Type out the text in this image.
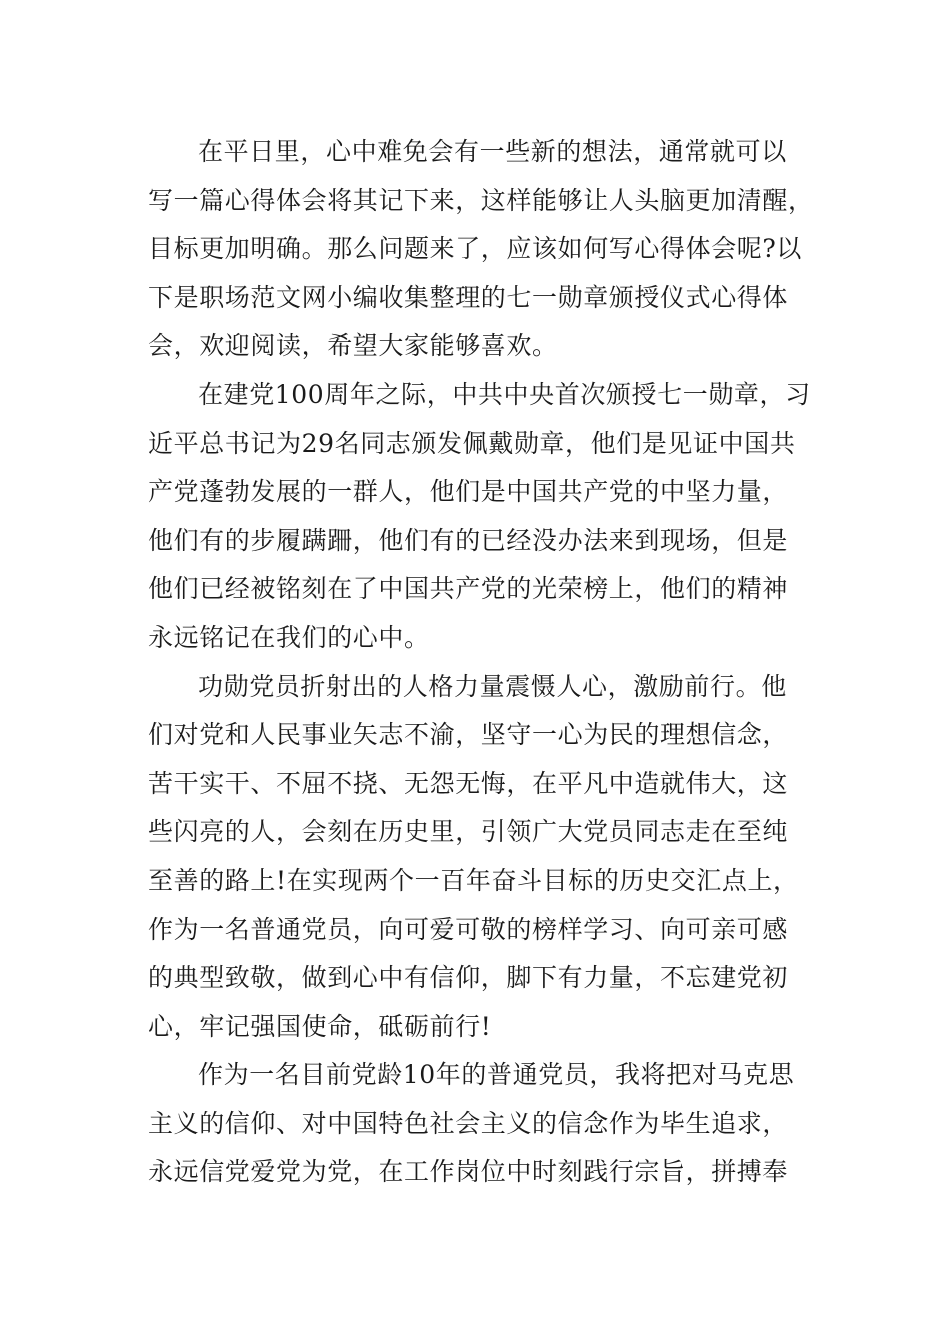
在平日里，心中难免会有一些新的想法，通常就可以
写一篇心得体会将其记下来，这样能够让人头脑更加清醒，
目标更加明确。那么问题来了，应该如何写心得体会呢?以
下是职场范文网小编收集整理的七一勋章颁授仪式心得体
会，欢迎阅读，希望大家能够喜欢。
在建党100周年之际，中共中央首次颁授七一勋章，习
近平总书记为29名同志颁发佩戴勋章，他们是见证中国共
产党蓬勃发展的一群人，他们是中国共产党的中坚力量，
他们有的步履蹒跚，他们有的已经没办法来到现场，但是
他们已经被铭刻在了中国共产党的光荣榜上，他们的精神
永远铭记在我们的心中。
功勋党员折射出的人格力量震慑人心，激励前行。他
们对党和人民事业矢志不渝，坚守一心为民的理想信念，
苦干实干、不屈不挠、无怨无悔，在平凡中造就伟大，这
些闪亮的人，会刻在历史里，引领广大党员同志走在至纯
至善的路上!在实现两个一百年奋斗目标的历史交汇点上，
作为一名普通党员，向可爱可敬的榜样学习、向可亲可感
的典型致敬，做到心中有信仰，脚下有力量，不忘建党初
心，牢记强国使命，砥砺前行!
作为一名目前党龄10年的普通党员，我将把对马克思
主义的信仰、对中国特色社会主义的信念作为毕生追求，
永远信党爱党为党，在工作岗位中时刻践行宗旨，拼搏奉
